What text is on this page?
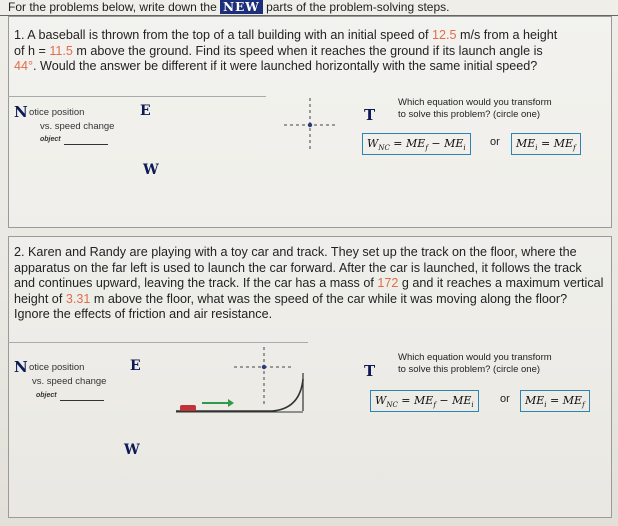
For the problems below, write down the NEW parts of the problem-solving steps.
1. A baseball is thrown from the top of a tall building with an initial speed of 12.5 m/s from a height of h = 11.5 m above the ground. Find its speed when it reaches the ground if its launch angle is 44°. Would the answer be different if it were launched horizontally with the same initial speed?
N otice position
vs. speed change
object
E
W
T
Which equation would you transform
to solve this problem? (circle one)
$W_{NC} = ME_f - ME_i$
or	$ME_i = ME_f$
2. Karen and Randy are playing with a toy car and track. They set up the track on the floor, where the apparatus on the far left is used to launch the car forward. After the car is launched, it follows the track and continues upward, leaving the track. If the car has a mass of 172 g and it reaches a maximum vertical height of 3.31 m above the floor, what was the speed of the car while it was moving along the floor? Ignore the effects of friction and air resistance.
N otice position
vs. speed change
object
E
W
T
Which equation would you transform
to solve this problem? (circle one)
$W_{NC} = ME_f - ME_i$
or	$ME_i = ME_f$
